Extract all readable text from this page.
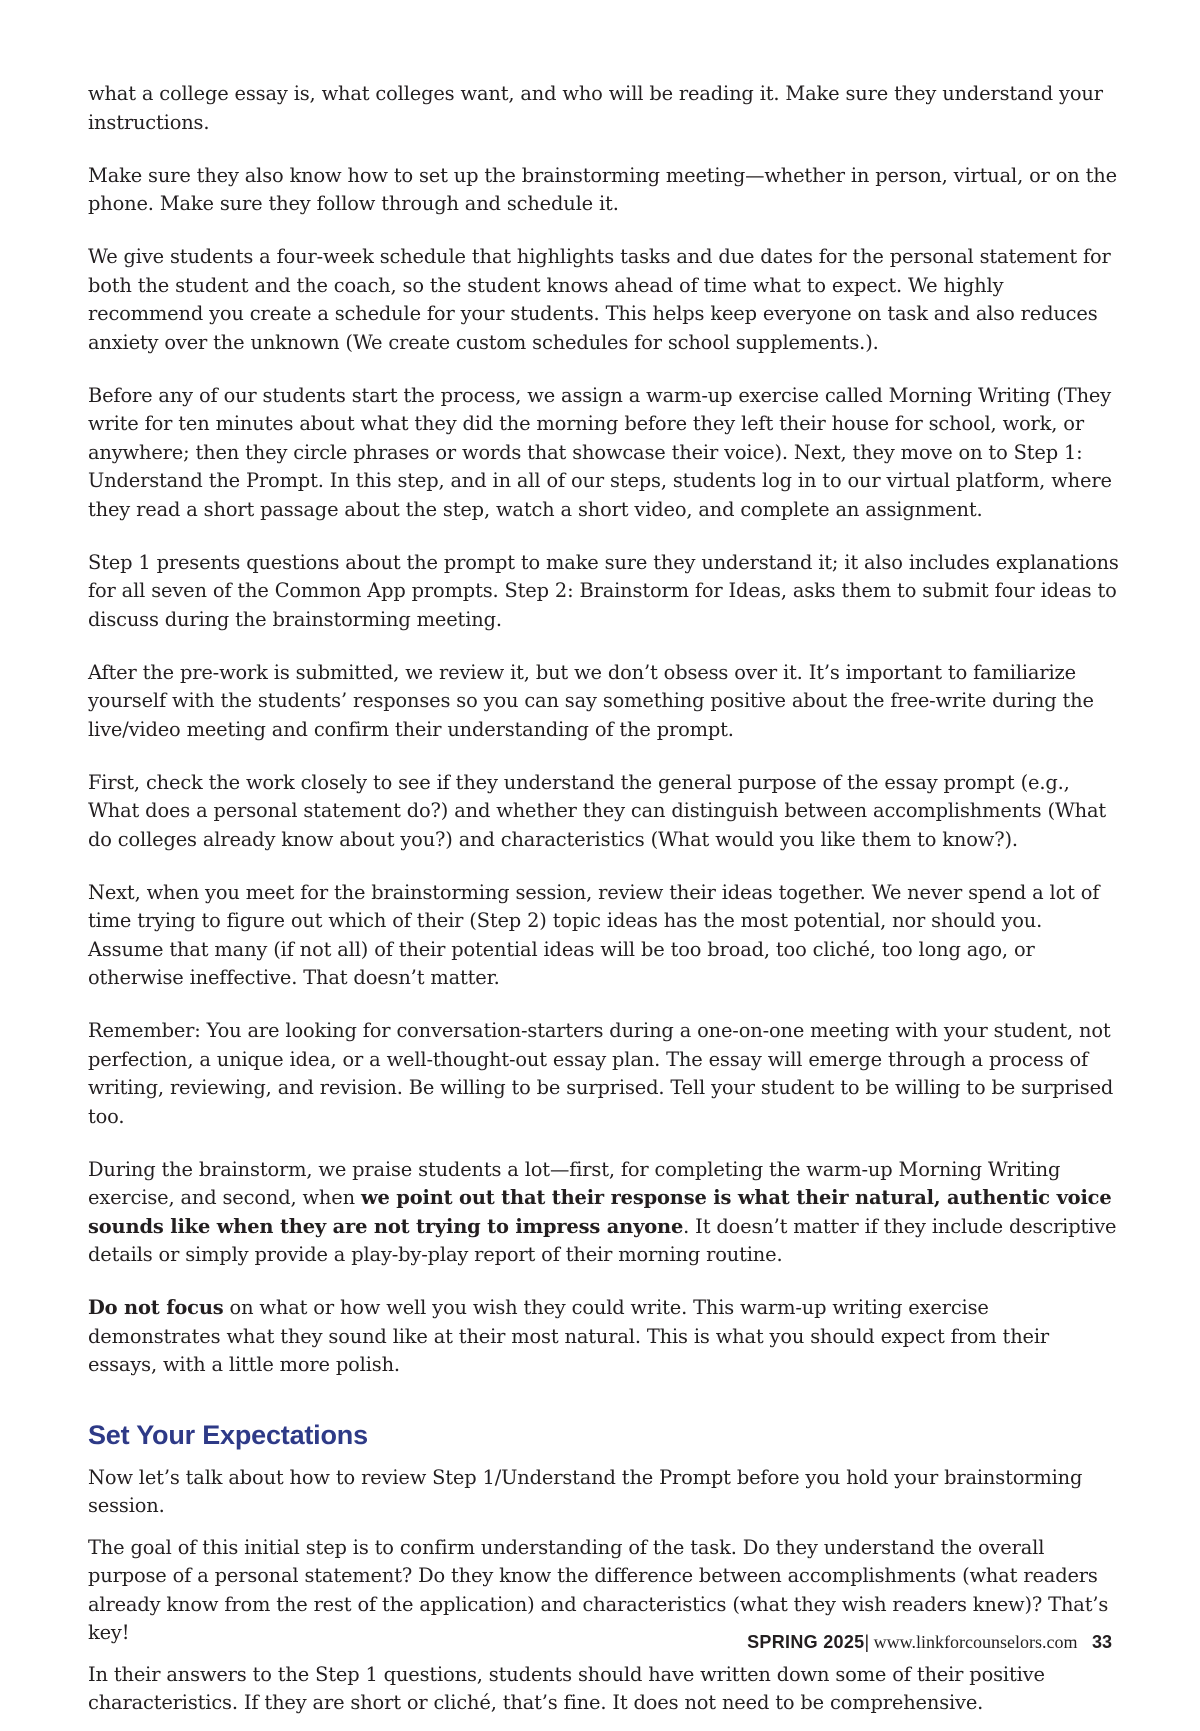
what a college essay is, what colleges want, and who will be reading it. Make sure they understand your instructions.

Make sure they also know how to set up the brainstorming meeting—whether in person, virtual, or on the phone. Make sure they follow through and schedule it.

We give students a four-week schedule that highlights tasks and due dates for the personal statement for both the student and the coach, so the student knows ahead of time what to expect. We highly recommend you create a schedule for your students. This helps keep everyone on task and also reduces anxiety over the unknown (We create custom schedules for school supplements.).

Before any of our students start the process, we assign a warm-up exercise called Morning Writing (They write for ten minutes about what they did the morning before they left their house for school, work, or anywhere; then they circle phrases or words that showcase their voice). Next, they move on to Step 1: Understand the Prompt. In this step, and in all of our steps, students log in to our virtual platform, where they read a short passage about the step, watch a short video, and complete an assignment.

Step 1 presents questions about the prompt to make sure they understand it; it also includes explanations for all seven of the Common App prompts. Step 2: Brainstorm for Ideas, asks them to submit four ideas to discuss during the brainstorming meeting.

After the pre-work is submitted, we review it, but we don’t obsess over it. It’s important to familiarize yourself with the students’ responses so you can say something positive about the free-write during the live/video meeting and confirm their understanding of the prompt.

First, check the work closely to see if they understand the general purpose of the essay prompt (e.g., What does a personal statement do?) and whether they can distinguish between accomplishments (What do colleges already know about you?) and characteristics (What would you like them to know?).

Next, when you meet for the brainstorming session, review their ideas together. We never spend a lot of time trying to figure out which of their (Step 2) topic ideas has the most potential, nor should you. Assume that many (if not all) of their potential ideas will be too broad, too cliché, too long ago, or otherwise ineffective. That doesn’t matter.

Remember: You are looking for conversation-starters during a one-on-one meeting with your student, not perfection, a unique idea, or a well-thought-out essay plan. The essay will emerge through a process of writing, reviewing, and revision. Be willing to be surprised. Tell your student to be willing to be surprised too.

During the brainstorm, we praise students a lot—first, for completing the warm-up Morning Writing exercise, and second, when we point out that their response is what their natural, authentic voice sounds like when they are not trying to impress anyone. It doesn’t matter if they include descriptive details or simply provide a play-by-play report of their morning routine.

Do not focus on what or how well you wish they could write. This warm-up writing exercise demonstrates what they sound like at their most natural. This is what you should expect from their essays, with a little more polish.

Set Your Expectations

Now let’s talk about how to review Step 1/Understand the Prompt before you hold your brainstorming session.

The goal of this initial step is to confirm understanding of the task. Do they understand the overall purpose of a personal statement? Do they know the difference between accomplishments (what readers already know from the rest of the application) and characteristics (what they wish readers knew)? That’s key!

In their answers to the Step 1 questions, students should have written down some of their positive characteristics. If they are short or cliché, that’s fine. It does not need to be comprehensive.

SPRING 2025| www.linkforcounselors.com 33
